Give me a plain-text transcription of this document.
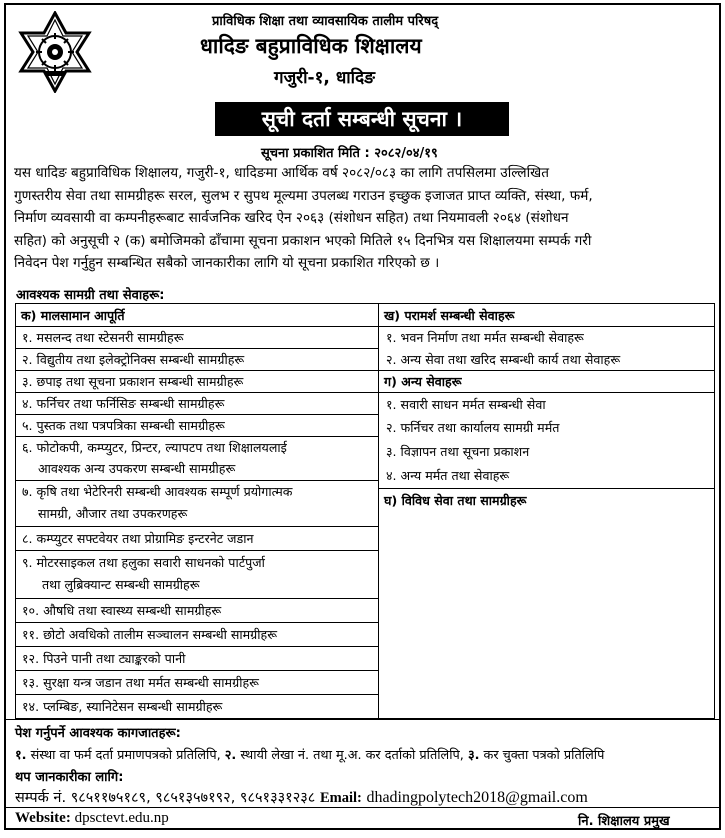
प्राविधिक शिक्षा तथा व्यावसायिक तालीम परिषद्
धादिङ बहुप्राविधिक शिक्षालय
गजुरी-१, धादिङ
सूची दर्ता सम्बन्धी सूचना ।
सूचना प्रकाशित मिति : २०८२/०४/१९
यस धादिङ बहुप्राविधिक शिक्षालय, गजुरी-१, धादिङमा आर्थिक वर्ष २०८२/०८३ का लागि तपसिलमा उल्लिखित
गुणस्तरीय सेवा तथा सामग्रीहरू सरल, सुलभ र सुपथ मूल्यमा उपलब्ध गराउन इच्छुक इजाजत प्राप्त व्यक्ति, संस्था, फर्म,
निर्माण व्यवसायी वा कम्पनीहरूबाट सार्वजनिक खरिद ऐन २०६३ (संशोधन सहित) तथा नियमावली २०६४ (संशोधन
सहित) को अनुसूची २ (क) बमोजिमको ढाँचामा सूचना प्रकाशन भएको मितिले १५ दिनभित्र यस शिक्षालयमा सम्पर्क गरी
निवेदन पेश गर्नुहुन सम्बन्धित सबैको जानकारीका लागि यो सूचना प्रकाशित गरिएको छ ।
आवश्यक सामग्री तथा सेवाहरू:
क) मालसामान आपूर्ति
१. मसलन्द तथा स्टेसनरी सामग्रीहरू
२. विद्युतीय तथा इलेक्ट्रोनिक्स सम्बन्धी सामग्रीहरू
३. छपाइ तथा सूचना प्रकाशन सम्बन्धी सामग्रीहरू
४. फर्निचर तथा फर्निसिङ सम्बन्धी सामग्रीहरू
५. पुस्तक तथा पत्रपत्रिका सम्बन्धी सामग्रीहरू
६. फोटोकपी, कम्प्युटर, प्रिन्टर, ल्यापटप तथा शिक्षालयलाई
आवश्यक अन्य उपकरण सम्बन्धी सामग्रीहरू
७. कृषि तथा भेटेरिनरी सम्बन्धी आवश्यक सम्पूर्ण प्रयोगात्मक
सामग्री, औजार तथा उपकरणहरू
८. कम्प्युटर सफ्टवेयर तथा प्रोग्रामिङ इन्टरनेट जडान
९. मोटरसाइकल तथा हलुका सवारी साधनको पार्टपुर्जा
तथा लुब्रिक्यान्ट सम्बन्धी सामग्रीहरू
१०. औषधि तथा स्वास्थ्य सम्बन्धी सामग्रीहरू
११. छोटो अवधिको तालीम सञ्चालन सम्बन्धी सामग्रीहरू
१२. पिउने पानी तथा ट्याङ्करको पानी
१३. सुरक्षा यन्त्र जडान तथा मर्मत सम्बन्धी सामग्रीहरू
१४. प्लम्बिङ, स्यानिटेसन सम्बन्धी सामग्रीहरू
ख) परामर्श सम्बन्धी सेवाहरू
१. भवन निर्माण तथा मर्मत सम्बन्धी सेवाहरू
२. अन्य सेवा तथा खरिद सम्बन्धी कार्य तथा सेवाहरू
ग) अन्य सेवाहरू
१. सवारी साधन मर्मत सम्बन्धी सेवा
२. फर्निचर तथा कार्यालय सामग्री मर्मत
३. विज्ञापन तथा सूचना प्रकाशन
४. अन्य मर्मत तथा सेवाहरू
घ) विविध सेवा तथा सामग्रीहरू
पेश गर्नुपर्ने आवश्यक कागजातहरू:
१. संस्था वा फर्म दर्ता प्रमाणपत्रको प्रतिलिपि, २. स्थायी लेखा नं. तथा मू.अ. कर दर्ताको प्रतिलिपि, ३. कर चुक्ता पत्रको प्रतिलिपि
थप जानकारीका लागि:
सम्पर्क नं. ९८५११७५१८९, ९८५१३५७१९२, ९८५१३३१२३८ Email: dhadingpolytech2018@gmail.com
Website: dpsctevt.edu.np	नि. शिक्षालय प्रमुख
